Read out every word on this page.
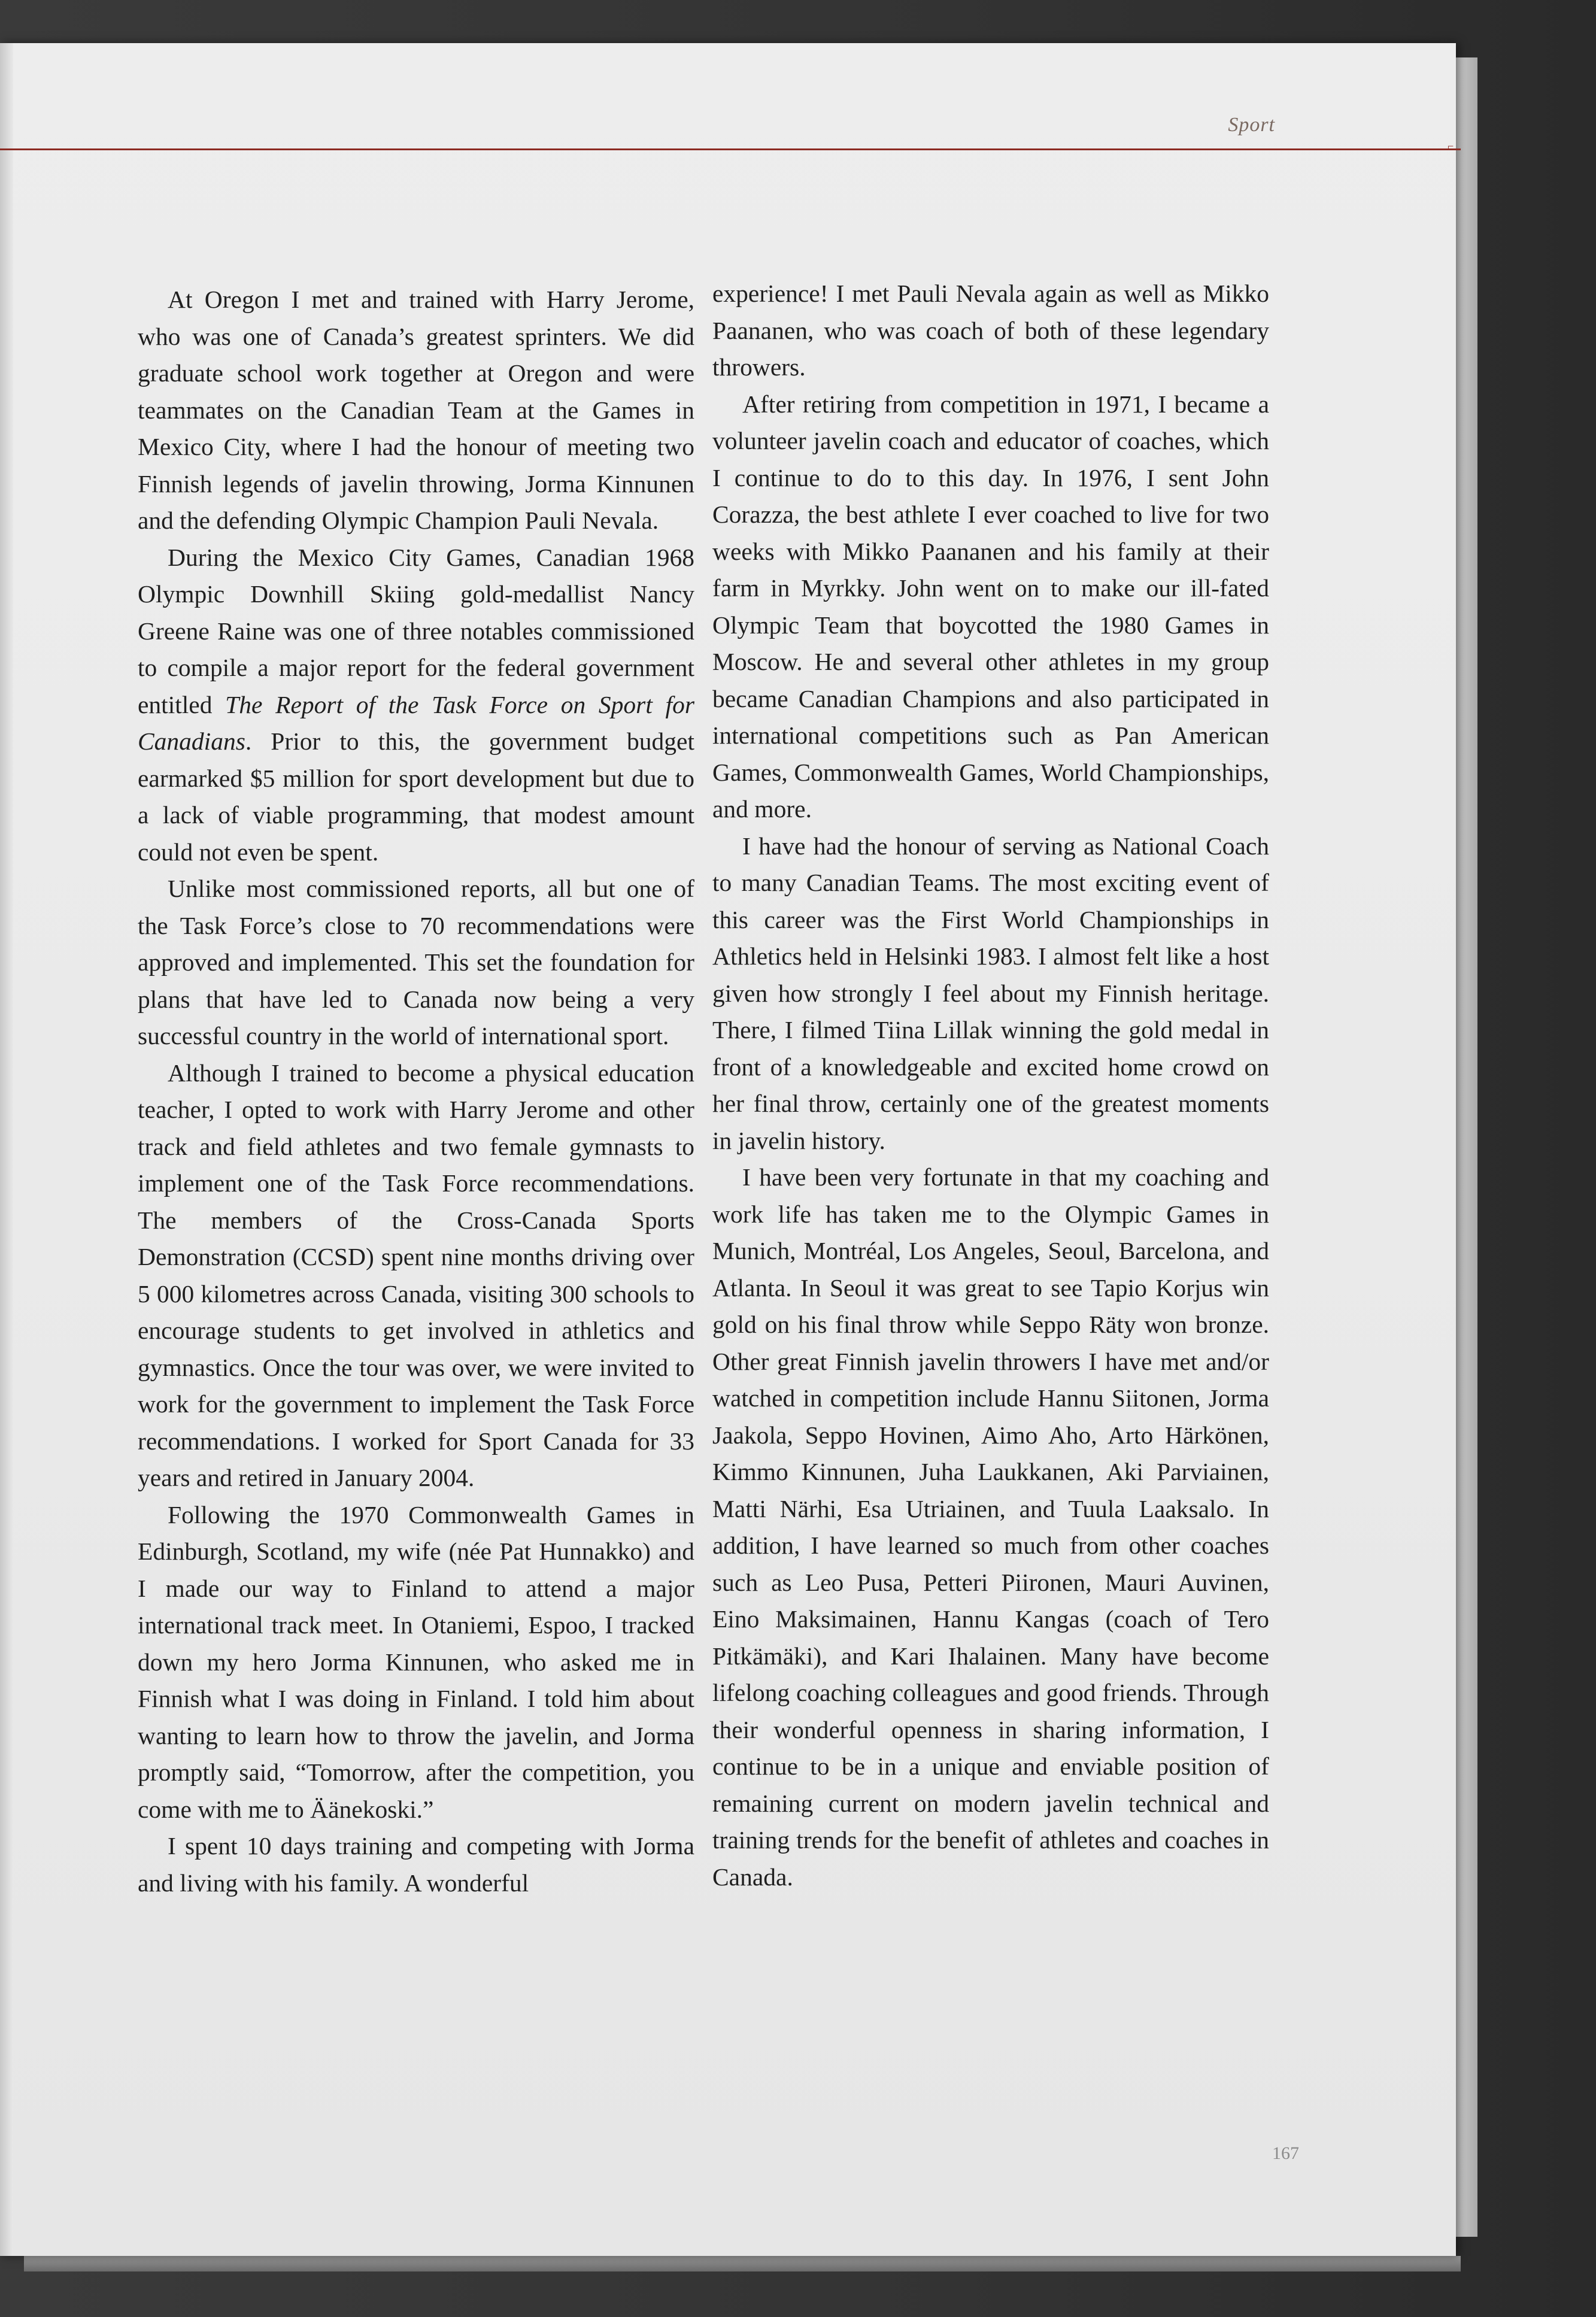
Sport
⌐

At Oregon I met and trained with Harry Jerome, who was one of Canada’s greatest sprinters. We did graduate school work together at Oregon and were teammates on the Canadian Team at the Games in Mexico City, where I had the honour of meeting two Finnish legends of javelin throwing, Jorma Kinnunen and the defending Olympic Champion Pauli Nevala.

During the Mexico City Games, Canadian 1968 Olympic Downhill Skiing gold-medallist Nancy Greene Raine was one of three notables commissioned to compile a major report for the federal government entitled The Report of the Task Force on Sport for Canadians. Prior to this, the government budget earmarked $5 million for sport development but due to a lack of viable programming, that modest amount could not even be spent.

Unlike most commissioned reports, all but one of the Task Force’s close to 70 recommendations were approved and implemented. This set the foundation for plans that have led to Canada now being a very successful country in the world of international sport.

Although I trained to become a physical education teacher, I opted to work with Harry Jerome and other track and field athletes and two female gymnasts to implement one of the Task Force recommendations. The members of the Cross-Canada Sports Demonstration (CCSD) spent nine months driving over 5 000 kilometres across Canada, visiting 300 schools to encourage students to get involved in athletics and gymnastics. Once the tour was over, we were invited to work for the government to implement the Task Force recommendations. I worked for Sport Canada for 33 years and retired in January 2004.

Following the 1970 Commonwealth Games in Edinburgh, Scotland, my wife (née Pat Hunnakko) and I made our way to Finland to attend a major international track meet. In Otaniemi, Espoo, I tracked down my hero Jorma Kinnunen, who asked me in Finnish what I was doing in Finland. I told him about wanting to learn how to throw the javelin, and Jorma promptly said, “Tomorrow, after the competition, you come with me to Äänekoski.”

I spent 10 days training and competing with Jorma and living with his family. A wonderful

experience! I met Pauli Nevala again as well as Mikko Paananen, who was coach of both of these legendary throwers.

After retiring from competition in 1971, I became a volunteer javelin coach and educator of coaches, which I continue to do to this day. In 1976, I sent John Corazza, the best athlete I ever coached to live for two weeks with Mikko Paananen and his family at their farm in Myrkky. John went on to make our ill-fated Olympic Team that boycotted the 1980 Games in Moscow. He and several other athletes in my group became Canadian Champions and also participated in international competitions such as Pan American Games, Commonwealth Games, World Championships, and more.

I have had the honour of serving as National Coach to many Canadian Teams. The most exciting event of this career was the First World Championships in Athletics held in Helsinki 1983. I almost felt like a host given how strongly I feel about my Finnish heritage. There, I filmed Tiina Lillak winning the gold medal in front of a knowledgeable and excited home crowd on her final throw, certainly one of the greatest moments in javelin history.

I have been very fortunate in that my coaching and work life has taken me to the Olympic Games in Munich, Montréal, Los Angeles, Seoul, Barcelona, and Atlanta. In Seoul it was great to see Tapio Korjus win gold on his final throw while Seppo Räty won bronze. Other great Finnish javelin throwers I have met and/or watched in competition include Hannu Siitonen, Jorma Jaakola, Seppo Hovinen, Aimo Aho, Arto Härkönen, Kimmo Kinnunen, Juha Laukkanen, Aki Parviainen, Matti Närhi, Esa Utriainen, and Tuula Laaksalo. In addition, I have learned so much from other coaches such as Leo Pusa, Petteri Piironen, Mauri Auvinen, Eino Maksimainen, Hannu Kangas (coach of Tero Pitkämäki), and Kari Ihalainen. Many have become lifelong coaching colleagues and good friends. Through their wonderful openness in sharing information, I continue to be in a unique and enviable position of remaining current on modern javelin technical and training trends for the benefit of athletes and coaches in Canada.

167
